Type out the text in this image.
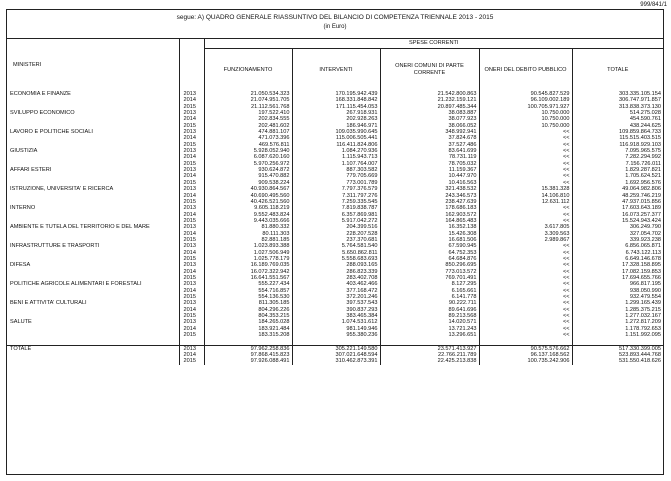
999/841/1
segue: A) QUADRO GENERALE RIASSUNTIVO DEL BILANCIO DI COMPETENZA TRIENNALE 2013 - 2015
(in Euro)
MINISTERI		SPESE CORRENTI				
		FUNZIONAMENTO	INTERVENTI	ONERI COMUNI DI PARTE CORRENTE	ONERI DEL DEBITO PUBBLICO	TOTALE
ECONOMIA E FINANZE	2013	21.050.534.323	170.195.942.439	21.542.800.863	90.545.827.529	303.335.105.154
	2014	21.074.951.705	168.331.848.842	21.232.159.121	96.109.002.189	306.747.971.857
	2015	21.112.561.768	171.115.454.053	20.897.485.344	100.705.971.927	313.838.373.130
SVILUPPO ECONOMICO	2013	197.522.410	267.918.931	38.083.887	10.750.000	514.275.028
	2014	202.834.555	202.928.263	38.077.923	10.750.000	454.590.761
	2015	202.481.602	186.946.971	38.066.052	10.750.000	438.244.625
LAVORO E POLITICHE SOCIALI	2013	474.881.107	109.035.990.645	348.992.941	<<	109.859.864.733
	2014	471.073.396	115.006.505.441	37.824.678	<<	115.515.403.515
	2015	469.576.811	116.411.824.806	37.527.486	<<	116.918.929.103
GIUSTIZIA	2013	5.928.052.940	1.084.270.936	83.641.699	<<	7.095.965.575
	2014	6.087.620.160	1.115.943.713	78.731.119	<<	7.282.294.992
	2015	5.970.256.972	1.107.764.007	78.705.032	<<	7.156.726.011
AFFARI ESTERI	2013	930.624.872	887.303.582	11.159.367	<<	1.829.287.821
	2014	915.470.882	779.705.669	10.447.970	<<	1.705.624.521
	2015	909.538.224	773.001.789	10.416.563	<<	1.692.956.576
ISTRUZIONE, UNIVERSITA' E RICERCA	2013	40.930.864.567	7.797.376.579	321.438.532	15.381.328	49.064.982.806
	2014	40.690.495.560	7.311.797.276	243.346.573	14.106.810	48.259.746.219
	2015	40.426.521.560	7.259.335.545	238.427.639	12.631.112	47.937.015.856
INTERNO	2013	9.605.118.219	7.819.838.787	178.686.183	<<	17.603.643.189
	2014	9.552.483.824	6.357.869.981	162.903.572	<<	16.073.257.377
	2015	9.443.035.666	5.917.042.272	164.865.483	<<	15.524.943.424
AMBIENTE E TUTELA DEL TERRITORIO E DEL MARE	2013	81.880.332	204.399.516	16.352.138	3.617.805	306.249.790
	2014	80.111.303	228.207.528	15.426.308	3.309.563	327.054.702
	2015	82.881.185	237.370.681	16.681.506	2.989.867	339.923.238
INFRASTRUTTURE E TRASPORTI	2013	1.023.893.388	5.764.581.540	67.590.945	<<	6.856.065.871
	2014	1.027.506.949	5.650.862.811	64.752.353	<<	6.743.122.113
	2015	1.025.778.179	5.558.683.693	64.684.876	<<	6.649.146.678
DIFESA	2013	16.189.769.035	288.093.165	850.296.695	<<	17.328.158.895
	2014	16.072.322.942	286.823.339	773.013.572	<<	17.082.159.853
	2015	16.641.551.567	283.402.708	769.701.491	<<	17.694.655.766
POLITICHE AGRICOLE ALIMENTARI E FORESTALI	2013	555.227.434	403.462.466	8.127.295	<<	966.817.195
	2014	554.716.857	377.168.472	6.165.661	<<	938.050.990
	2015	554.136.530	372.201.246	6.141.778	<<	932.479.554
BENI E ATTIVITA' CULTURALI	2013	811.305.185	397.537.543	90.222.711	<<	1.299.165.439
	2014	804.296.226	390.837.293	89.641.696	<<	1.285.375.215
	2015	804.353.215	383.465.384	89.213.568	<<	1.277.032.167
SALUTE	2013	184.265.028	1.074.531.612	14.020.571	<<	1.272.817.209
	2014	183.921.484	981.149.946	13.721.243	<<	1.178.792.653
	2015	183.315.208	955.380.236	13.296.651	<<	1.151.992.095

TOTALE	2013	97.962.258.836	305.221.149.580	23.571.413.927	90.575.576.662	517.330.399.005
	2014	97.868.415.823	307.021.648.594	22.766.211.789	96.137.168.562	523.893.444.768
	2015	97.926.088.491	310.462.873.391	22.425.213.838	100.735.242.906	531.550.418.626
